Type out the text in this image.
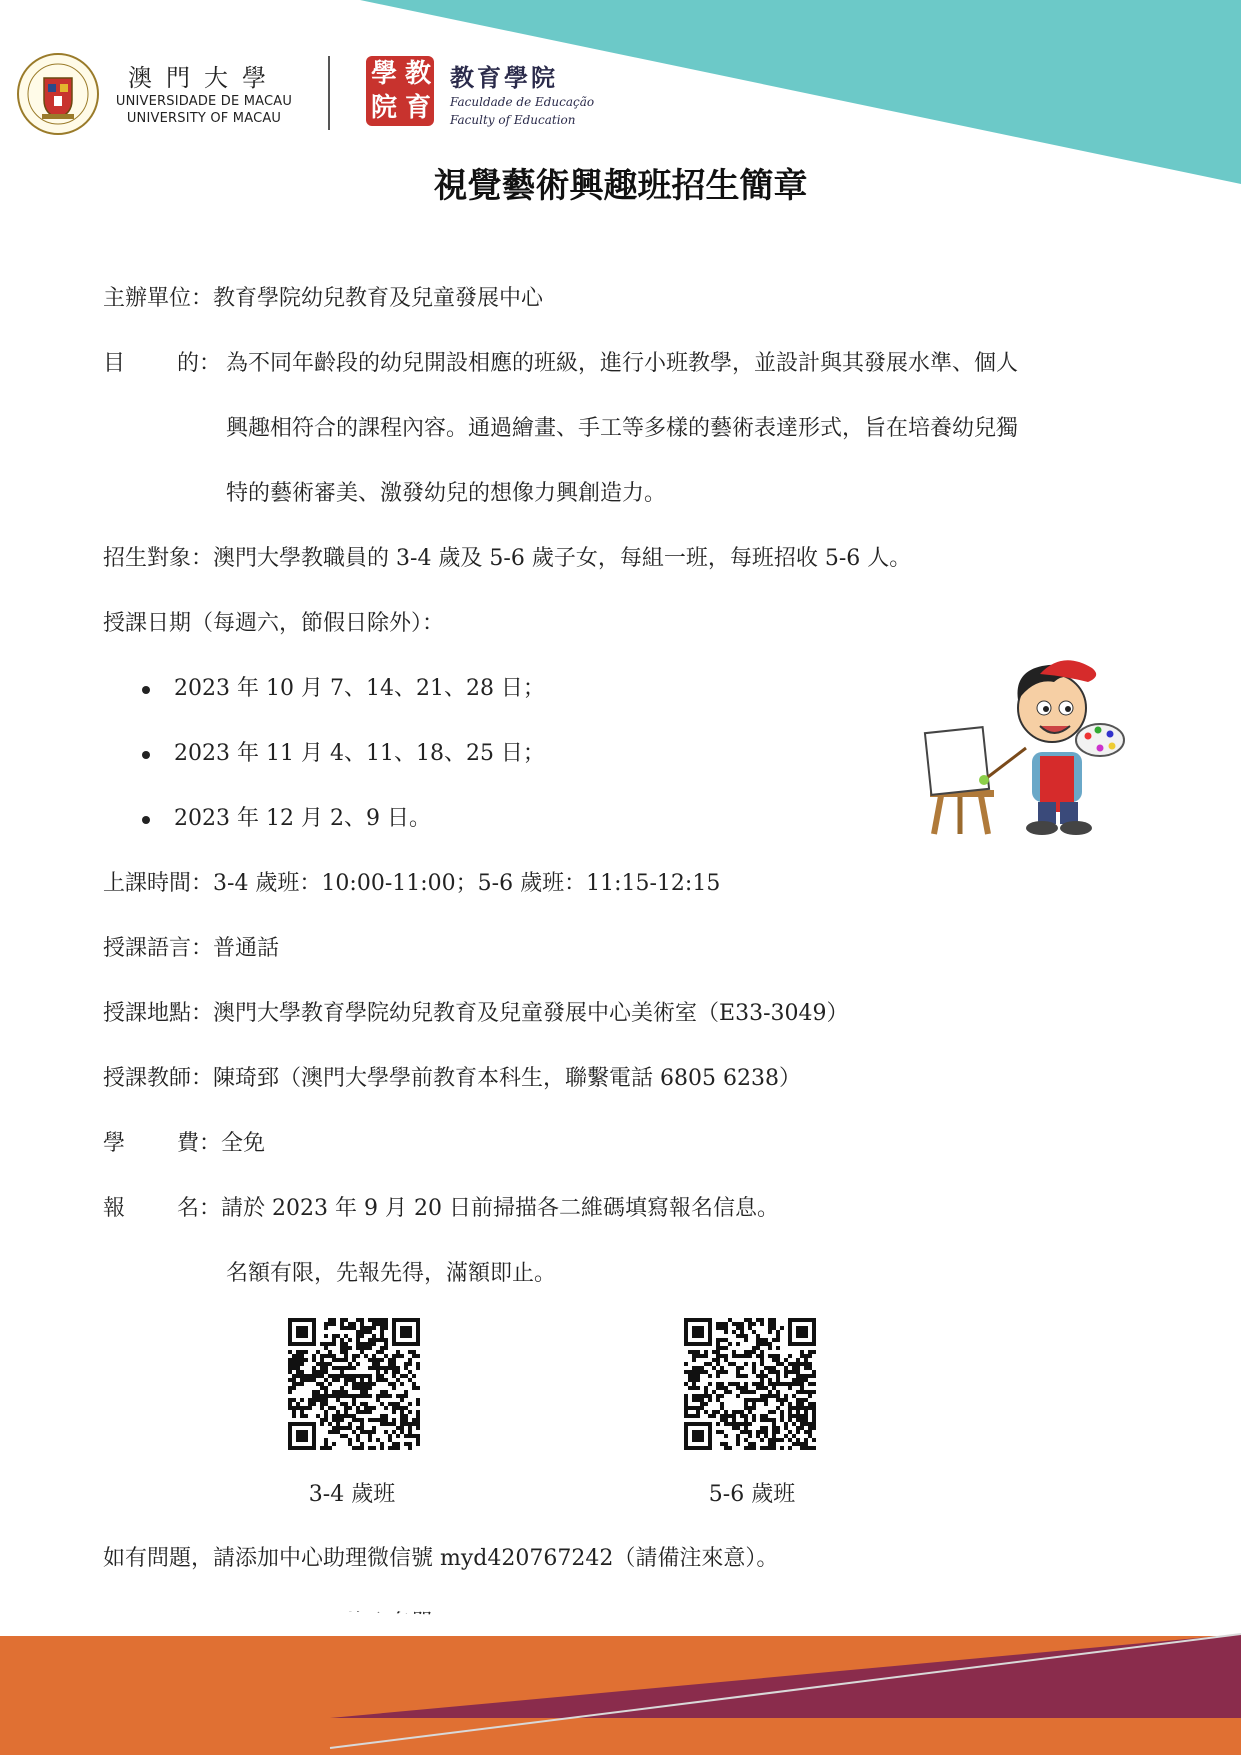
澳門大學
UNIVERSIDADE DE MACAU
UNIVERSITY OF MACAU
教
學
育
院
教育學院
Faculdade de Educação
Faculty of Education
視覺藝術興趣班招生簡章
主辦單位：教育學院幼兒教育及兒童發展中心
目 的： 為不同年齡段的幼兒開設相應的班級，進行小班教學，並設計與其發展水準、個人
興趣相符合的課程內容。通過繪畫、手工等多樣的藝術表達形式，旨在培養幼兒獨
特的藝術審美、激發幼兒的想像力興創造力。
招生對象：澳門大學教職員的 3-4 歲及 5-6 歲子女，每組一班，每班招收 5-6 人。
授課日期（每週六，節假日除外）：
2023 年 10 月 7、14、21、28 日；
2023 年 11 月 4、11、18、25 日；
2023 年 12 月 2、9 日。
上課時間：3-4 歲班：10:00-11:00；5-6 歲班：11:15-12:15
授課語言：普通話
授課地點：澳門大學教育學院幼兒教育及兒童發展中心美術室（E33-3049）
授課教師：陳琦郅（澳門大學學前教育本科生，聯繫電話 6805 6238）
學 費：全免
報 名：請於 2023 年 9 月 20 日前掃描各二維碼填寫報名信息。
名額有限，先報先得，滿額即止。
3-4 歲班	5-6 歲班
如有問題，請添加中心助理微信號 myd420767242（請備注來意）。
